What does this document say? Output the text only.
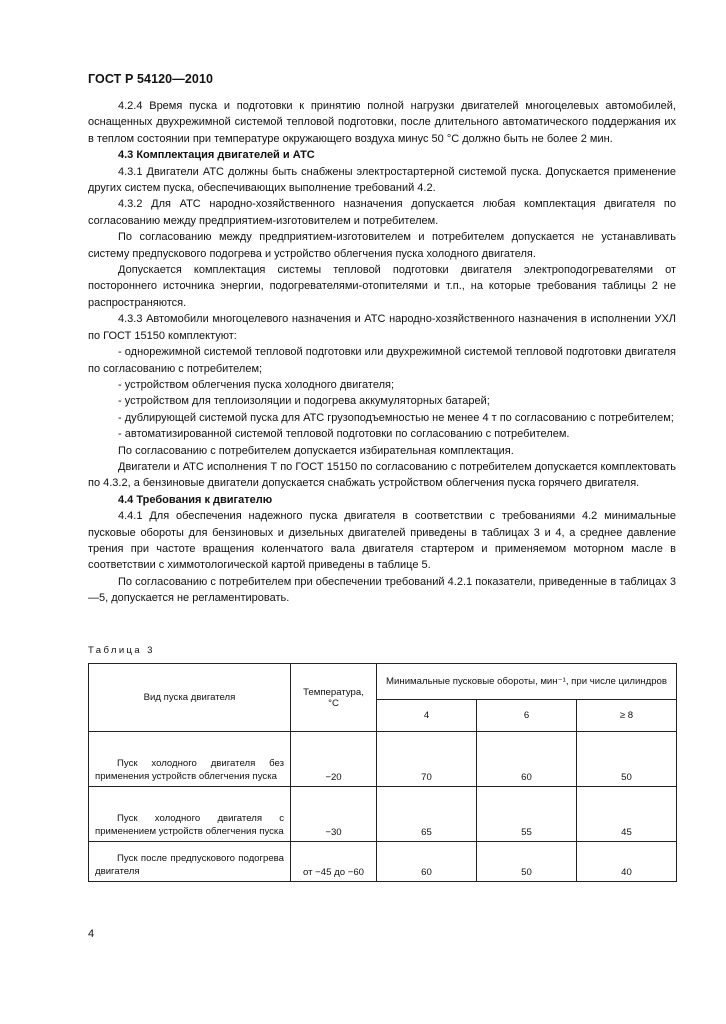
ГОСТ Р 54120—2010

4.2.4 Время пуска и подготовки к принятию полной нагрузки двигателей многоцелевых автомобилей, оснащенных двухрежимной системой тепловой подготовки, после длительного автоматического поддержания их в теплом состоянии при температуре окружающего воздуха минус 50 °С должно быть не более 2 мин.

4.3 Комплектация двигателей и АТС

4.3.1 Двигатели АТС должны быть снабжены электростартерной системой пуска. Допускается применение других систем пуска, обеспечивающих выполнение требований 4.2.

4.3.2 Для АТС народно-хозяйственного назначения допускается любая комплектация двигателя по согласованию между предприятием-изготовителем и потребителем.

По согласованию между предприятием-изготовителем и потребителем допускается не устанавливать систему предпускового подогрева и устройство облегчения пуска холодного двигателя.

Допускается комплектация системы тепловой подготовки двигателя электроподогревателями от постороннего источника энергии, подогревателями-отопителями и т.п., на которые требования таблицы 2 не распространяются.

4.3.3 Автомобили многоцелевого назначения и АТС народно-хозяйственного назначения в исполнении УХЛ по ГОСТ 15150 комплектуют:

- однорежимной системой тепловой подготовки или двухрежимной системой тепловой подготовки двигателя по согласованию с потребителем;

- устройством облегчения пуска холодного двигателя;

- устройством для теплоизоляции и подогрева аккумуляторных батарей;

- дублирующей системой пуска для АТС грузоподъемностью не менее 4 т по согласованию с потребителем;

- автоматизированной системой тепловой подготовки по согласованию с потребителем.

По согласованию с потребителем допускается избирательная комплектация.

Двигатели и АТС исполнения Т по ГОСТ 15150 по согласованию с потребителем допускается комплектовать по 4.3.2, а бензиновые двигатели допускается снабжать устройством облегчения пуска горячего двигателя.

4.4 Требования к двигателю

4.4.1 Для обеспечения надежного пуска двигателя в соответствии с требованиями 4.2 минимальные пусковые обороты для бензиновых и дизельных двигателей приведены в таблицах 3 и 4, а среднее давление трения при частоте вращения коленчатого вала двигателя стартером и применяемом моторном масле в соответствии с химмотологической картой приведены в таблице 5.

По согласованию с потребителем при обеспечении требований 4.2.1 показатели, приведенные в таблицах 3—5, допускается не регламентировать.

Таблица 3
Вид пуска двигателя	Температура, °С	Минимальные пусковые обороты, мин⁻¹, при числе цилиндров		
		4	6	≥ 8
Пуск холодного двигателя без применения устройств облегчения пуска	−20	70	60	50
Пуск холодного двигателя с применением устройств облегчения пуска	−30	65	55	45
Пуск после предпускового подогрева двигателя	от −45 до −60	60	50	40
4
